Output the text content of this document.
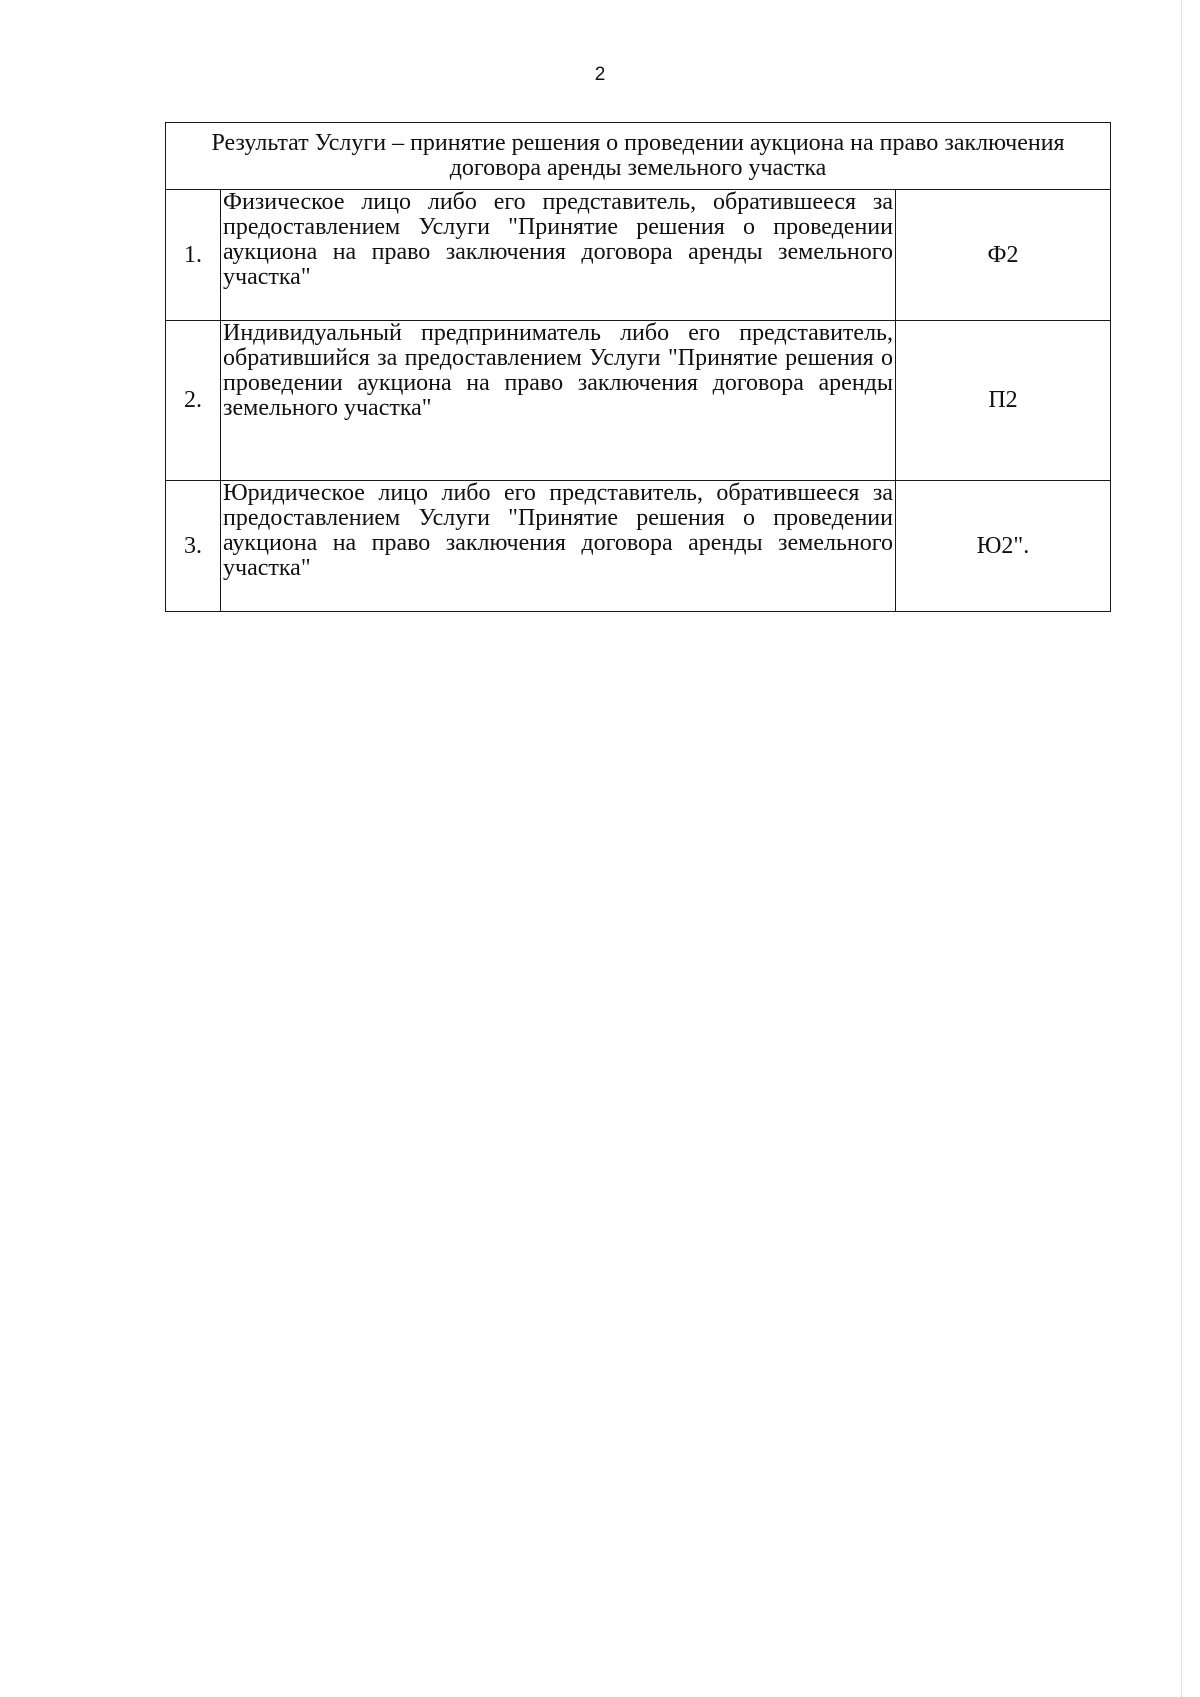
2
Результат Услуги – принятие решения о проведении аукциона на право заключения договора аренды земельного участка		
1.	Физическое лицо либо его представитель, обратившееся за предоставлением Услуги "Принятие решения о проведении аукциона на право заключения договора аренды земельного участка"	Ф2
2.	Индивидуальный предприниматель либо его представитель, обратившийся за предоставлением Услуги "Принятие решения о проведении аукциона на право заключения договора аренды земельного участка"	П2
3.	Юридическое лицо либо его представитель, обратившееся за предоставлением Услуги "Принятие решения о проведении аукциона на право заключения договора аренды земельного участка"	Ю2".
